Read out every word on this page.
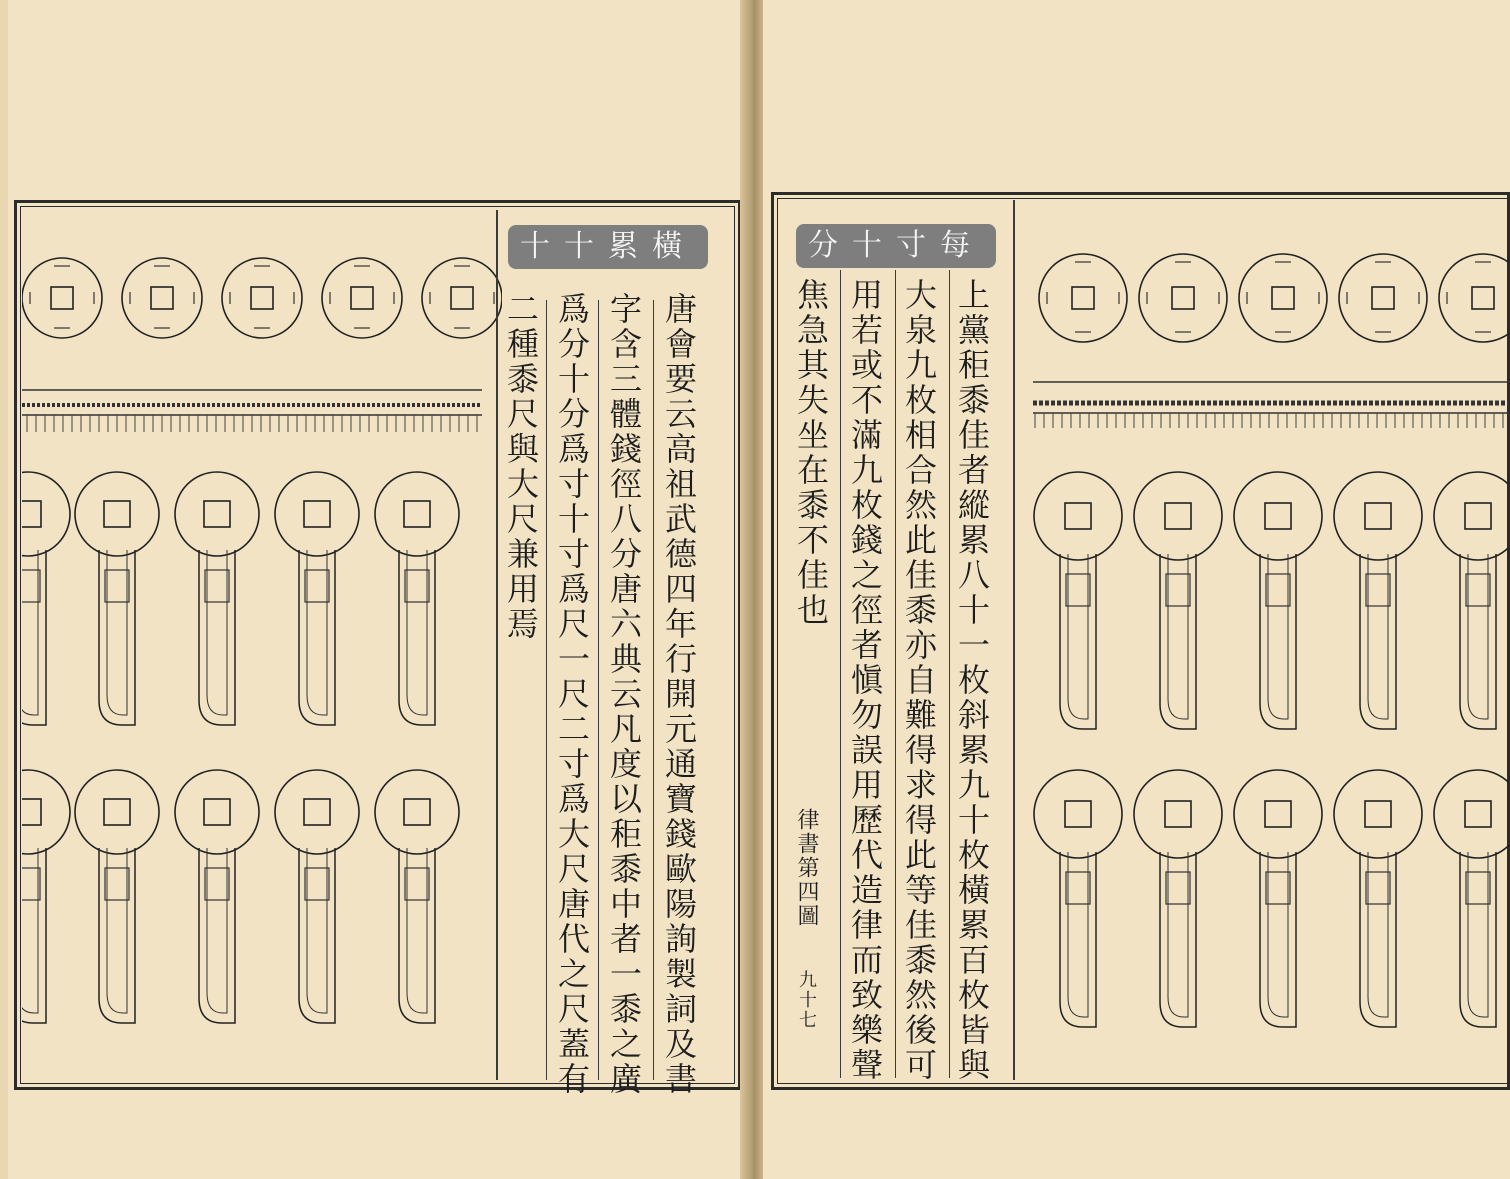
橫累十十
唐會要云高祖武德四年行開元通寶錢歐陽詢製詞及書
字含三體錢徑八分唐六典云凡度以秬黍中者一黍之廣
爲分十分爲寸十寸爲尺一尺二寸爲大尺唐代之尺蓋有
二種黍尺與大尺兼用焉
每寸十分
上黨秬黍佳者縱累八十一枚斜累九十枚橫累百枚皆與
大泉九枚相合然此佳黍亦自難得求得此等佳黍然後可
用若或不滿九枚錢之徑者愼勿誤用歷代造律而致樂聲
焦急其失坐在黍不佳也
律書第四圖
九十七
